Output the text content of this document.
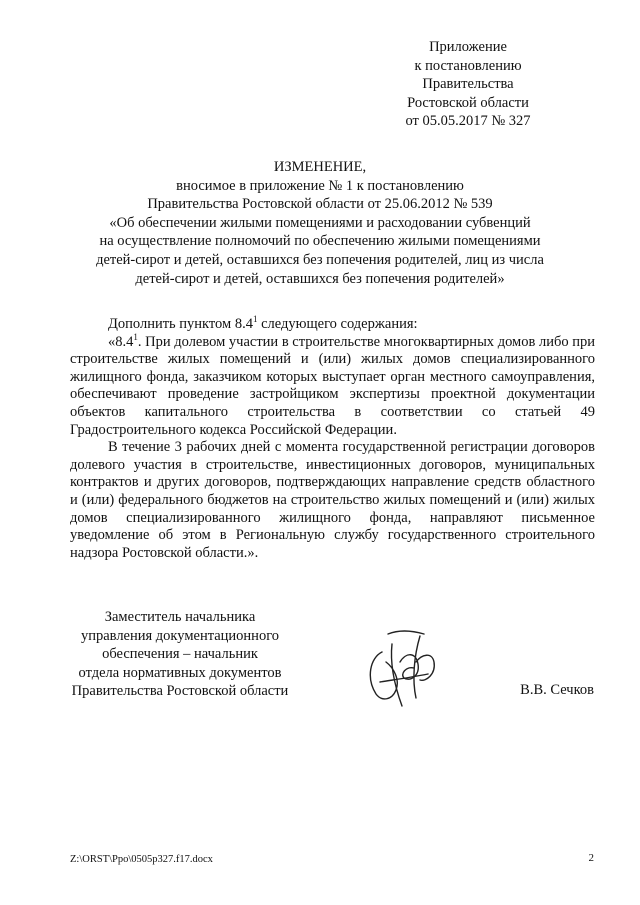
Приложение
к постановлению
Правительства
Ростовской области
от 05.05.2017 № 327
ИЗМЕНЕНИЕ,
вносимое в приложение № 1 к постановлению
Правительства Ростовской области от 25.06.2012 № 539
«Об обеспечении жилыми помещениями и расходовании субвенций
на осуществление полномочий по обеспечению жилыми помещениями
детей-сирот и детей, оставшихся без попечения родителей, лиц из числа
детей-сирот и детей, оставшихся без попечения родителей»

Дополнить пунктом $8.4^1$ следующего содержания:

«$8.4^1$. При долевом участии в строительстве многоквартирных домов либо при строительстве жилых помещений и (или) жилых домов специализированного жилищного фонда, заказчиком которых выступает орган местного самоуправления, обеспечивают проведение застройщиком экспертизы проектной документации объектов капитального строительства в соответствии со статьей 49 Градостроительного кодекса Российской Федерации.

В течение 3 рабочих дней с момента государственной регистрации договоров долевого участия в строительстве, инвестиционных договоров, муниципальных контрактов и других договоров, подтверждающих направление средств областного и (или) федерального бюджетов на строительство жилых помещений и (или) жилых домов специализированного жилищного фонда, направляют письменное уведомление об этом в Региональную службу государственного строительного надзора Ростовской области.».

Заместитель начальника
управления документационного
обеспечения – начальник
отдела нормативных документов
Правительства Ростовской области	В.В. Сечков
Z:\ORST\Ppo\0505p327.f17.docx	2
